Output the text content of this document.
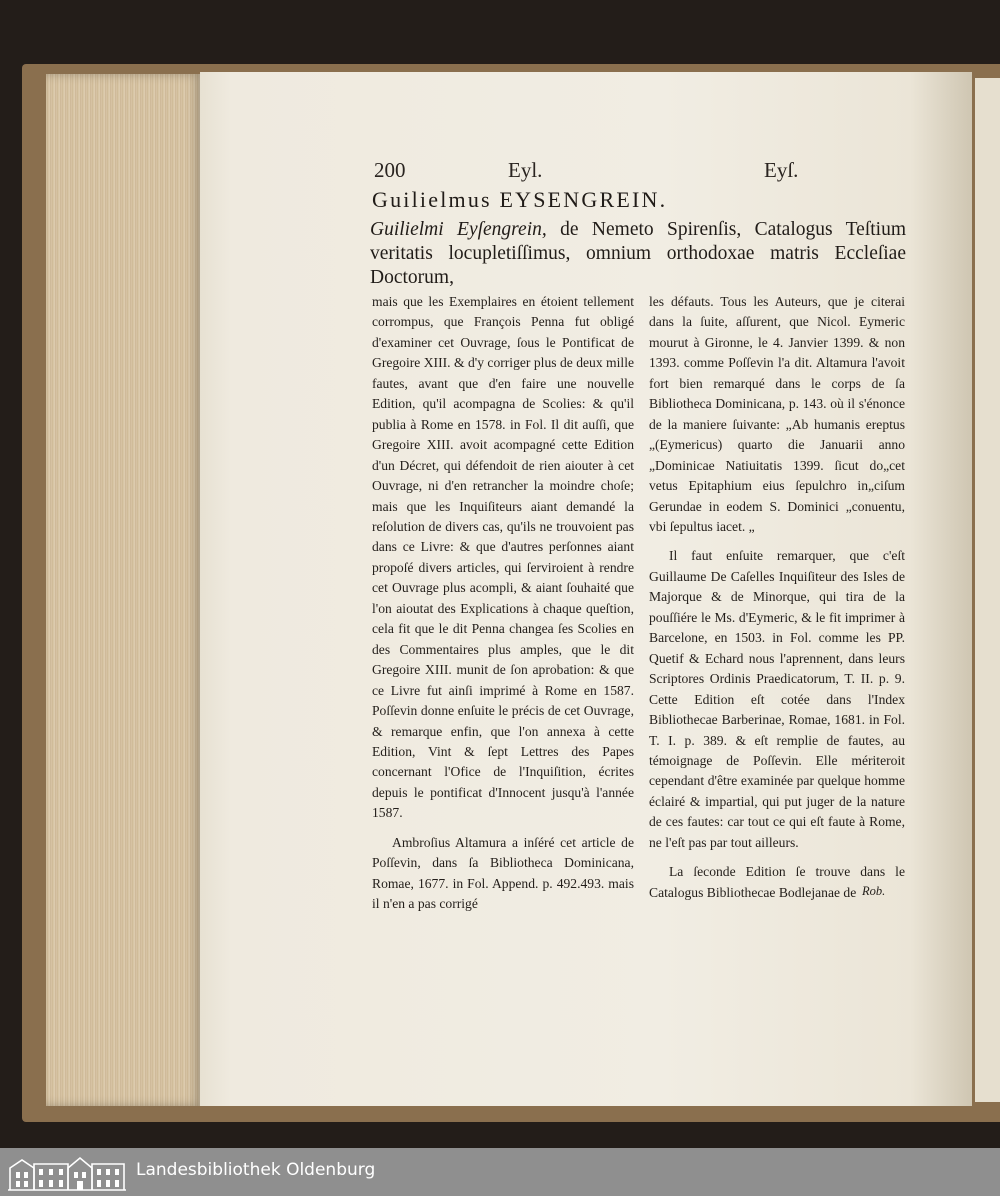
200	Eyl.	Eyſ.
Guilielmus EYSENGREIN.
Guilielmi Eyſengrein, de Nemeto Spirenſis, Catalogus Teſtium veritatis locupletiſſimus, omnium orthodoxae matris Eccleſiae Doctorum,

mais que les Exemplaires en étoient tellement corrompus, que François Penna fut obligé d'examiner cet Ouvrage, ſous le Pontificat de Gregoire XIII. & d'y corriger plus de deux mille fautes, avant que d'en faire une nouvelle Edition, qu'il acompagna de Scolies: & qu'il publia à Rome en 1578. in Fol. Il dit auſſi, que Gregoire XIII. avoit acompagné cette Edition d'un Décret, qui défendoit de rien aiouter à cet Ouvrage, ni d'en retrancher la moindre choſe; mais que les Inquiſiteurs aiant demandé la reſolution de divers cas, qu'ils ne trouvoient pas dans ce Livre: & que d'autres perſonnes aiant propoſé divers articles, qui ſerviroient à rendre cet Ouvrage plus acompli, & aiant ſouhaité que l'on aioutat des Explications à chaque queſtion, cela fit que le dit Penna changea ſes Scolies en des Commentaires plus amples, que le dit Gregoire XIII. munit de ſon aprobation: & que ce Livre fut ainſi imprimé à Rome en 1587. Poſſevin donne enſuite le précis de cet Ouvrage, & remarque enfin, que l'on annexa à cette Edition, Vint & ſept Lettres des Papes concernant l'Ofice de l'Inquiſition, écrites depuis le pontificat d'Innocent jusqu'à l'année 1587.

Ambroſius Altamura a inſéré cet article de Poſſevin, dans ſa Bibliotheca Dominicana, Romae, 1677. in Fol. Append. p. 492.493. mais il n'en a pas corrigé

les défauts. Tous les Auteurs, que je citerai dans la ſuite, aſſurent, que Nicol. Eymeric mourut à Gironne, le 4. Janvier 1399. & non 1393. comme Poſſevin l'a dit. Altamura l'avoit fort bien remarqué dans le corps de ſa Bibliotheca Dominicana, p. 143. où il s'énonce de la maniere ſuivante: „Ab humanis ereptus „(Eymericus) quarto die Januarii anno „Dominicae Natiuitatis 1399. ſicut do„cet vetus Epitaphium eius ſepulchro in„ciſum Gerundae in eodem S. Dominici „conuentu, vbi ſepultus iacet. „

Il faut enſuite remarquer, que c'eſt Guillaume De Caſelles Inquiſiteur des Isles de Majorque & de Minorque, qui tira de la pouſſiére le Ms. d'Eymeric, & le fit imprimer à Barcelone, en 1503. in Fol. comme les PP. Quetif & Echard nous l'aprennent, dans leurs Scriptores Ordinis Praedicatorum, T. II. p. 9. Cette Edition eſt cotée dans l'Index Bibliothecae Barberinae, Romae, 1681. in Fol. T. I. p. 389. & eſt remplie de fautes, au témoignage de Poſſevin. Elle mériteroit cependant d'être examinée par quelque homme éclairé & impartial, qui put juger de la nature de ces fautes: car tout ce qui eſt faute à Rome, ne l'eſt pas par tout ailleurs.

La ſeconde Edition ſe trouve dans le Catalogus Bibliothecae Bodlejanae de Rob.
Landesbibliothek Oldenburg
